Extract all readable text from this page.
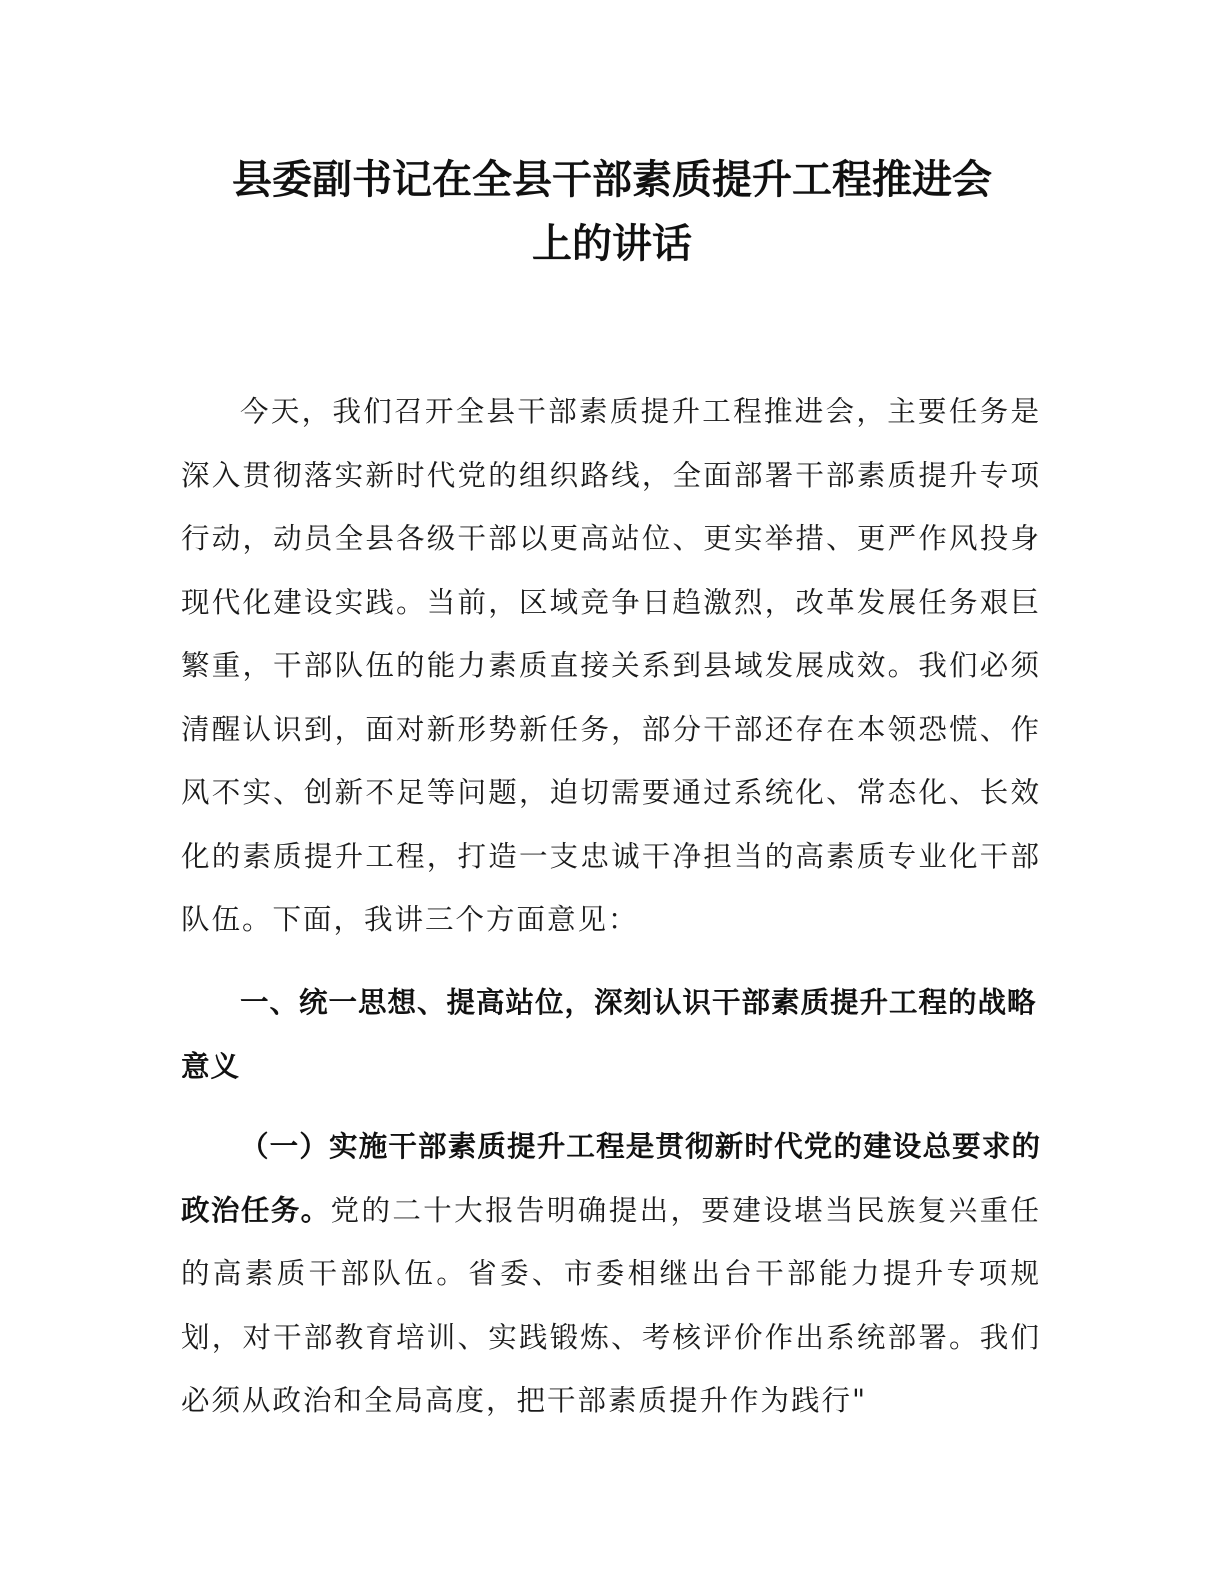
县委副书记在全县干部素质提升工程推进会
上的讲话

今天，我们召开全县干部素质提升工程推进会，主要任务是深入贯彻落实新时代党的组织路线，全面部署干部素质提升专项行动，动员全县各级干部以更高站位、更实举措、更严作风投身现代化建设实践。当前，区域竞争日趋激烈，改革发展任务艰巨繁重，干部队伍的能力素质直接关系到县域发展成效。我们必须清醒认识到，面对新形势新任务，部分干部还存在本领恐慌、作风不实、创新不足等问题，迫切需要通过系统化、常态化、长效化的素质提升工程，打造一支忠诚干净担当的高素质专业化干部队伍。下面，我讲三个方面意见：

一、统一思想、提高站位，深刻认识干部素质提升工程的战略意义

（一）实施干部素质提升工程是贯彻新时代党的建设总要求的政治任务。党的二十大报告明确提出，要建设堪当民族复兴重任的高素质干部队伍。省委、市委相继出台干部能力提升专项规划，对干部教育培训、实践锻炼、考核评价作出系统部署。我们必须从政治和全局高度，把干部素质提升作为践行"
